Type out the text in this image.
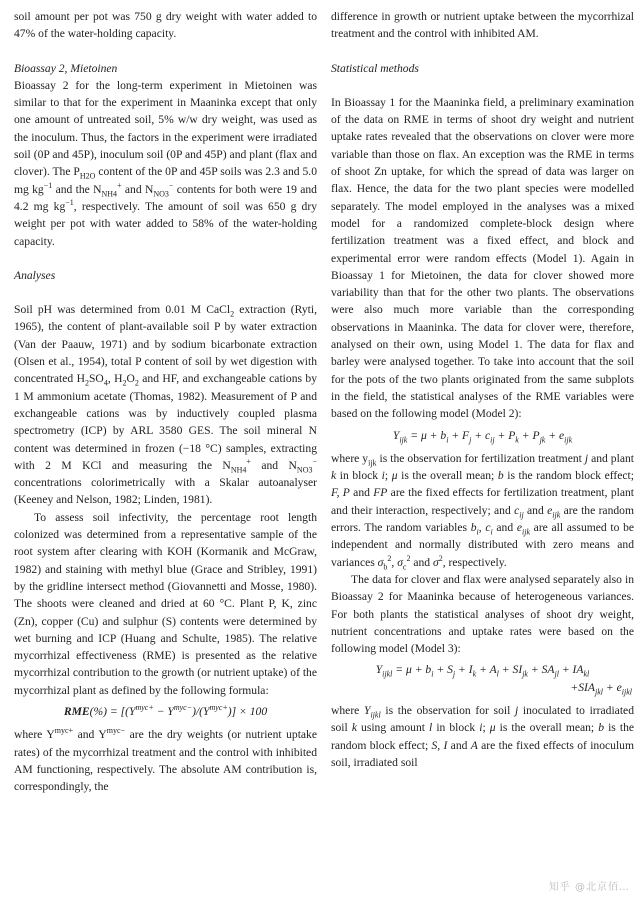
soil amount per pot was 750 g dry weight with water added to 47% of the water-holding capacity.

Bioassay 2, Mietoinen

Bioassay 2 for the long-term experiment in Mietoinen was similar to that for the experiment in Maaninka except that only one amount of untreated soil, 5% w/w dry weight, was used as the inoculum. Thus, the factors in the experiment were irradiated soil (0P and 45P), inoculum soil (0P and 45P) and plant (flax and clover). The $P_{H2O}$ content of the 0P and 45P soils was 2.3 and 5.0 mg $kg^{-1}$ and the $N_{NH4}^+$ and $N_{NO3}^-$ contents for both were 19 and 4.2 mg $kg^{-1}$, respectively. The amount of soil was 650 g dry weight per pot with water added to 58% of the water-holding capacity.

Analyses

Soil pH was determined from 0.01 M CaCl$_2$ extraction (Ryti, 1965), the content of plant-available soil P by water extraction (Van der Paauw, 1971) and by sodium bicarbonate extraction (Olsen et al., 1954), total P content of soil by wet digestion with concentrated $H_2SO_4$, $H_2O_2$ and HF, and exchangeable cations by 1 M ammonium acetate (Thomas, 1982). Measurement of P and exchangeable cations was by inductively coupled plasma spectrometry (ICP) by ARL 3580 GES. The soil mineral N content was determined in frozen (−18 °C) samples, extracting with 2 M KCl and measuring the $N_{NH4}^+$ and $N_{NO3}^-$ concentrations colorimetrically with a Skalar autoanalyser (Keeney and Nelson, 1982; Linden, 1981).

To assess soil infectivity, the percentage root length colonized was determined from a representative sample of the root system after clearing with KOH (Kormanik and McGraw, 1982) and staining with methyl blue (Grace and Stribley, 1991) by the gridline intersect method (Giovannetti and Mosse, 1980). The shoots were cleaned and dried at 60 °C. Plant P, K, zinc (Zn), copper (Cu) and sulphur (S) contents were determined by wet burning and ICP (Huang and Schulte, 1985). The relative mycorrhizal effectiveness (RME) is presented as the relative mycorrhizal contribution to the growth (or nutrient uptake) of the mycorrhizal plant as defined by the following formula:

$RME(\%) = [(Y^{myc+} - Y^{myc-})/(Y^{myc+})] \times 100$

where $Y^{myc+}$ and $Y^{myc-}$ are the dry weights (or nutrient uptake rates) of the mycorrhizal treatment and the control with inhibited AM functioning, respectively. The absolute AM contribution is, correspondingly, the

difference in growth or nutrient uptake between the mycorrhizal treatment and the control with inhibited AM.

Statistical methods

In Bioassay 1 for the Maaninka field, a preliminary examination of the data on RME in terms of shoot dry weight and nutrient uptake rates revealed that the observations on clover were more variable than those on flax. An exception was the RME in terms of shoot Zn uptake, for which the spread of data was larger on flax. Hence, the data for the two plant species were modelled separately. The model employed in the analyses was a mixed model for a randomized complete-block design where fertilization treatment was a fixed effect, and block and experimental error were random effects (Model 1). Again in Bioassay 1 for Mietoinen, the data for clover showed more variability than that for the other two plants. The observations were also much more variable than the corresponding observations in Maaninka. The data for clover were, therefore, analysed on their own, using Model 1. The data for flax and barley were analysed together. To take into account that the soil for the pots of the two plants originated from the same subplots in the field, the statistical analyses of the RME variables were based on the following model (Model 2):

$Y_{ijk} = \mu + b_i + F_j + c_{ij} + P_k + P_{jk} + e_{ijk}$

where $y_{ijk}$ is the observation for fertilization treatment j and plant k in block i; μ is the overall mean; b is the random block effect; F, P and FP are the fixed effects for fertilization treatment, plant and their interaction, respectively; and $c_{ij}$ and $e_{ijk}$ are the random errors. The random variables $b_i$, $c_i$ and $e_{ijk}$ are all assumed to be independent and normally distributed with zero means and variances $\sigma_b^2$, $\sigma_c^2$ and $\sigma^2$, respectively.

The data for clover and flax were analysed separately also in Bioassay 2 for Maaninka because of heterogeneous variances. For both plants the statistical analyses of shoot dry weight, nutrient concentrations and uptake rates were based on the following model (Model 3):

$Y_{ijkl} = \mu + b_i + S_j + I_k + A_l + SI_{jk} + SA_{jl} + IA_{kl}$
$+SIA_{jkl} + e_{ijkl}$

where $Y_{ijkl}$ is the observation for soil j inoculated to irradiated soil k using amount l in block i; μ is the overall mean; b is the random block effect; S, I and A are the fixed effects of inoculum soil, irradiated soil

知乎 @北京佰…
